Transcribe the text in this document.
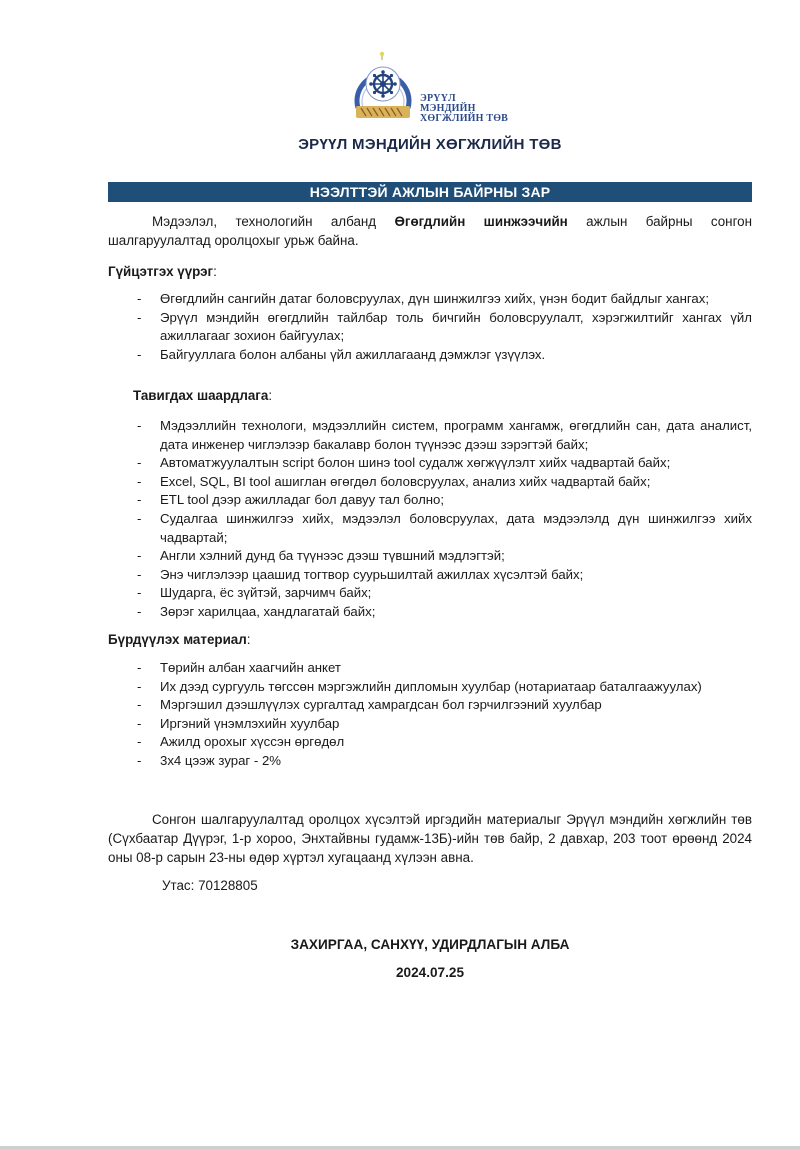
ЭРҮҮЛ МЭНДИЙН
ХӨГЖЛИЙН ТӨВ
ЭРҮҮЛ МЭНДИЙН ХӨГЖЛИЙН ТӨВ
НЭЭЛТТЭЙ АЖЛЫН БАЙРНЫ ЗАР
Мэдээлэл, технологийн албанд Өгөгдлийн шинжээчийн ажлын байрны сонгон шалгаруулалтад оролцохыг урьж байна.
Гүйцэтгэх үүрэг:
- Өгөгдлийн сангийн датаг боловсруулах, дүн шинжилгээ хийх, үнэн бодит байдлыг хангах;
- Эрүүл мэндийн өгөгдлийн тайлбар толь бичгийн боловсруулалт, хэрэгжилтийг хангах үйл ажиллагааг зохион байгуулах;
- Байгууллага болон албаны үйл ажиллагаанд дэмжлэг үзүүлэх.
Тавигдах шаардлага:
- Мэдээллийн технологи, мэдээллийн систем, программ хангамж, өгөгдлийн сан, дата аналист, дата инженер чиглэлээр бакалавр болон түүнээс дээш зэрэгтэй байх;
- Автоматжуулалтын script болон шинэ tool судалж хөгжүүлэлт хийх чадвартай байх;
- Excel, SQL, BI tool ашиглан өгөгдөл боловсруулах, анализ хийх чадвартай байх;
- ETL tool дээр ажилладаг бол давуу тал болно;
- Судалгаа шинжилгээ хийх, мэдээлэл боловсруулах, дата мэдээлэлд дүн шинжилгээ хийх чадвартай;
- Англи хэлний дунд ба түүнээс дээш түвшний мэдлэгтэй;
- Энэ чиглэлээр цаашид тогтвор суурьшилтай ажиллах хүсэлтэй байх;
- Шударга, ёс зүйтэй, зарчимч байх;
- Зөрэг харилцаа, хандлагатай байх;
Бүрдүүлэх материал:
- Төрийн албан хаагчийн анкет
- Их дээд сургууль төгссөн мэргэжлийн дипломын хуулбар (нотариатаар баталгаажуулах)
- Мэргэшил дээшлүүлэх сургалтад хамрагдсан бол гэрчилгээний хуулбар
- Иргэний үнэмлэхийн хуулбар
- Ажилд орохыг хүссэн өргөдөл
- 3х4 цээж зураг - 2%
Сонгон шалгаруулалтад оролцох хүсэлтэй иргэдийн материалыг Эрүүл мэндийн хөгжлийн төв (Сүхбаатар Дүүрэг, 1-р хороо, Энхтайвны гудамж-13Б)-ийн төв байр, 2 давхар, 203 тоот өрөөнд 2024 оны 08-р сарын 23-ны өдөр хүртэл хугацаанд хүлээн авна.
Утас: 70128805
ЗАХИРГАА, САНХҮҮ, УДИРДЛАГЫН АЛБА
2024.07.25
